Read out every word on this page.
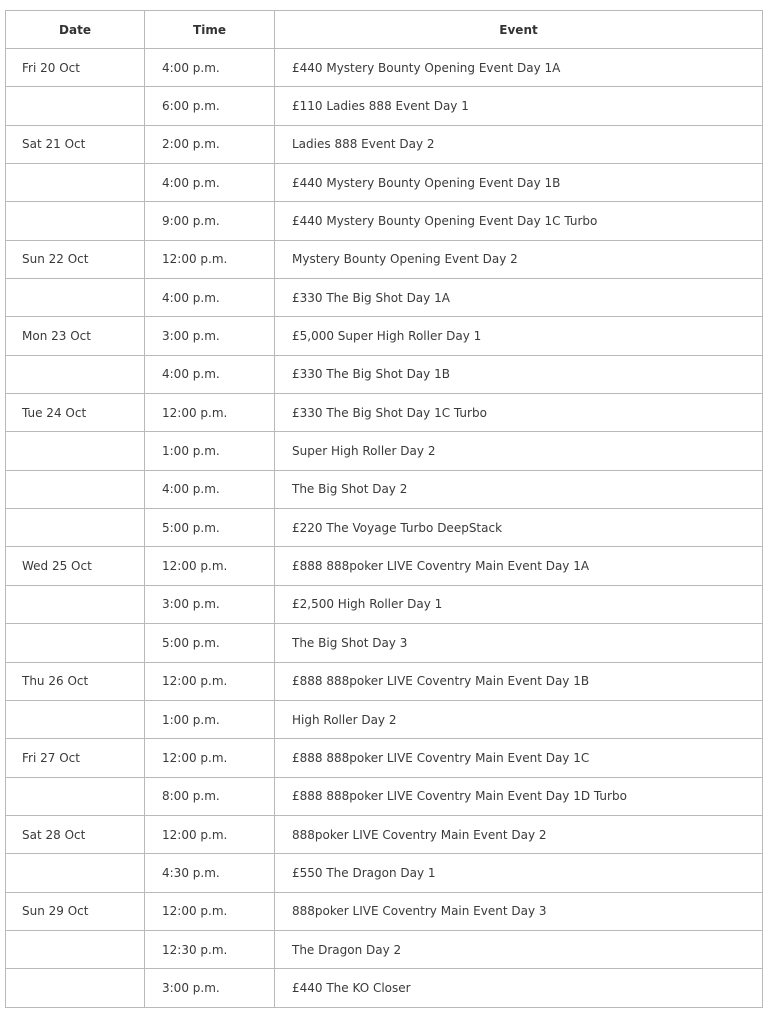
Date	Time	Event
Fri 20 Oct	4:00 p.m.	£440 Mystery Bounty Opening Event Day 1A
	6:00 p.m.	£110 Ladies 888 Event Day 1
Sat 21 Oct	2:00 p.m.	Ladies 888 Event Day 2
	4:00 p.m.	£440 Mystery Bounty Opening Event Day 1B
	9:00 p.m.	£440 Mystery Bounty Opening Event Day 1C Turbo
Sun 22 Oct	12:00 p.m.	Mystery Bounty Opening Event Day 2
	4:00 p.m.	£330 The Big Shot Day 1A
Mon 23 Oct	3:00 p.m.	£5,000 Super High Roller Day 1
	4:00 p.m.	£330 The Big Shot Day 1B
Tue 24 Oct	12:00 p.m.	£330 The Big Shot Day 1C Turbo
	1:00 p.m.	Super High Roller Day 2
	4:00 p.m.	The Big Shot Day 2
	5:00 p.m.	£220 The Voyage Turbo DeepStack
Wed 25 Oct	12:00 p.m.	£888 888poker LIVE Coventry Main Event Day 1A
	3:00 p.m.	£2,500 High Roller Day 1
	5:00 p.m.	The Big Shot Day 3
Thu 26 Oct	12:00 p.m.	£888 888poker LIVE Coventry Main Event Day 1B
	1:00 p.m.	High Roller Day 2
Fri 27 Oct	12:00 p.m.	£888 888poker LIVE Coventry Main Event Day 1C
	8:00 p.m.	£888 888poker LIVE Coventry Main Event Day 1D Turbo
Sat 28 Oct	12:00 p.m.	888poker LIVE Coventry Main Event Day 2
	4:30 p.m.	£550 The Dragon Day 1
Sun 29 Oct	12:00 p.m.	888poker LIVE Coventry Main Event Day 3
	12:30 p.m.	The Dragon Day 2
	3:00 p.m.	£440 The KO Closer
